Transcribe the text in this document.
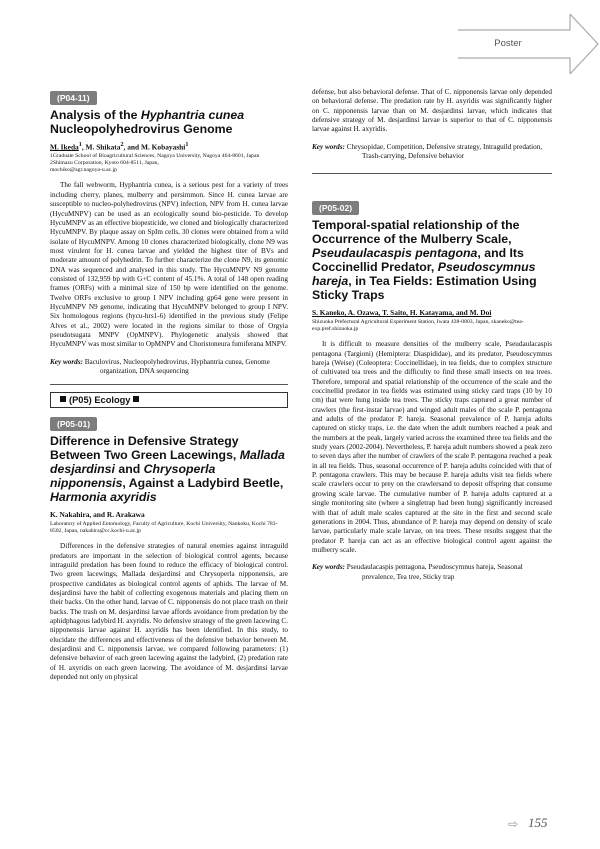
Poster
(P04-11)
Analysis of the Hyphantria cunea Nucleopolyhedrovirus Genome

M. Ikeda$^1$, M. Shikata$^2$, and M. Kobayashi$^1$

1Graduate School of Bioagricultural Sciences, Nagoya University, Nagoya 464-8601, Japan
2Shimazu Corporation, Kyoto 604-8511, Japan,
mochiko@agr.nagoya-u.ac.jp

The fall webworm, Hyphantria cunea, is a serious pest for a variety of trees including cherry, planes, mulberry and persimmon. Since H. cunea larvae are susceptible to nucleo-polyhedrovirus (NPV) infection, NPV from H. cunea larvae (HycuMNPV) can be used as an ecologically sound bio-pesticide. To develop HycuMNPV as an effective biopesticide, we cloned and biologically characterized HycuMNPV. By plaque assay on SpIm cells, 30 clones were obtained from a wild isolate of HycuMNPV. Among 10 clones characterized biologically, clone N9 was most virulent for H. cunea larvae and yielded the highest titer of BVs and moderate amount of polyhedrin. To further characterize the clone N9, its genomic DNA was sequenced and analysed in this study. The HycuMNPV N9 genome consisted of 132,959 bp with G+C content of 45.1%. A total of 148 open reading frames (ORFs) with a minimal size of 150 bp were identified on the genome. Twelve ORFs exclusive to group I NPV including gp64 gene were present in HycuMNPV N9 genome, indicating that HycuMNPV belonged to group I NPV. Six homologous regions (hycu-hrs1-6) identified in the previous study (Felipe Alves et al., 2002) were located in the regions similar to those of Orgyia pseudotsugata MNPV (OpMNPV). Phylogenetic analysis showed that HycuMNPV was most similar to OpMNPV and Choristoneura fumiferana MNPV.

Key words: Baculovirus, Nucleopolyhedrovirus, Hyphantria cunea, Genome organization, DNA sequencing

(P05) Ecology
(P05-01)
Difference in Defensive Strategy Between Two Green Lacewings, Mallada desjardinsi and Chrysoperla nipponensis, Against a Ladybird Beetle, Harmonia axyridis

K. Nakahira, and R. Arakawa

Laboratory of Applied Entomology, Faculty of Agriculture, Kochi University, Nankoku, Kochi 783-8502, Japan, nakahira@cc.kochi-u.ac.jp

Differences in the defensive strategies of natural enemies against intraguild predators are important in the selection of biological control agents, because intraguild predation has been found to reduce the efficacy of biological control. Two green lacewings, Mallada desjardinsi and Chrysoperla nipponensis, are prospective candidates as biological control agents of aphids. The larvae of M. desjardinsi have the habit of collecting exogenous materials and placing them on their backs. On the other hand, larvae of C. nipponensis do not place trash on their backs. The trash on M. desjardinsi larvae affords avoidance from predation by the aphidphagous ladybird H. axyridis. No defensive strategy of the green lacewing C. nipponensis larvae against H. axyridis has been identified. In this study, to elucidate the differences and effectiveness of the defensive behavior between M. desjardinsi and C. nipponensis larvae, we compared following parameters: (1) defensive behavior of each green lacewing against the ladybird, (2) predation rate of H. axyridis on each green lacewing. The avoidance of M. desjardinsi larvae depended not only on physical

defense, but also behavioral defense. That of C. nipponensis larvae only depended on behavioral defense. The predation rate by H. axyridis was significantly higher on C. nipponensis larvae than on M. desjardinsi larvae, which indicates that defensive strategy of M. desjardinsi larvae is superior to that of C. nipponensis larvae against H. axyridis.

Key words: Chrysopidae, Competition, Defensive strategy, Intraguild predation, Trash-carrying, Defensive behavior

(P05-02)
Temporal-spatial relationship of the Occurrence of the Mulberry Scale, Pseudaulacaspis pentagona, and Its Coccinellid Predator, Pseudoscymnus hareja, in Tea Fields: Estimation Using Sticky Traps

S. Kaneko, A. Ozawa, T. Saito, H. Katayama, and M. Doi

Shizuoka Prefectural Agricultural Experiment Station, Iwata 438-0803, Japan, skaneko@tea-exp.pref.shizuoka.jp

It is difficult to measure densities of the mulberry scale, Pseudaulacaspis pentagona (Targioni) (Hemiptera: Diaspididae), and its predator, Pseudoscymnus hareja (Weise) (Coleoptera: Coccinellidae), in tea fields, due to complex structure of cultivated tea trees and the difficulty to find these small insects on tea trees. Therefore, temporal and spatial relationship of the occurrence of the scale and the coccinellid predator in tea fields was estimated using sticky card traps (10 by 10 cm) that were hung inside tea trees. The sticky traps captured a great number of crawlers (the first-instar larvae) and winged adult males of the scale P. pentagona and adults of the predator P. hareja. Seasonal prevalence of P. hareja adults captured on sticky traps, i.e. the date when the adult numbers reached a peak and the numbers at the peak, largely varied across the examined three tea fields and the study years (2002-2004). Nevertheless, P. hareja adult numbers showed a peak zero to seven days after the number of crawlers of the scale P. pentagona reached a peak in all tea fields. Thus, seasonal occurrence of P. hareja adults coincided with that of P. pentagona crawlers. This may be because P. hareja adults visit tea fields where scale crawlers occur to prey on the crawlersand to deposit offspring that consume growing scale larvae. The cumulative number of P. hareja adults captured at a single monitoring site (where a singletrap had been hung) significantly increased with that of adult male scales captured at the site in the first and second scale generations in 2004. Thus, abundance of P. hareja may depend on density of scale larvae, particularly male scale larvae, on tea trees. These results suggest that the predator P. hareja can act as an effective biological control agent against the mulberry scale.

Key words: Pseudaulacaspis pentagona, Pseudoscymnus hareja, Seasonal prevalence, Tea tree, Sticky trap

⇨ 155
